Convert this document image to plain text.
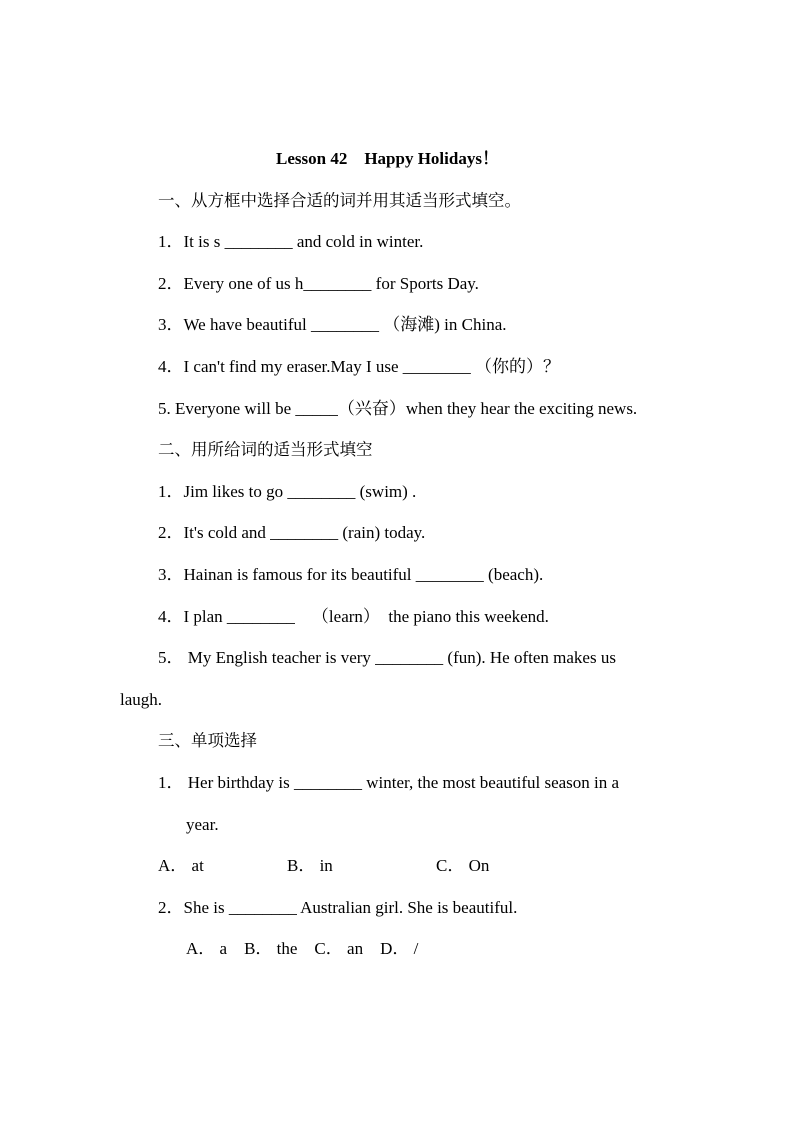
Lesson 42    Happy Holidays！
一、从方框中选择合适的词并用其适当形式填空。
1．It is s ________ and cold in winter.
2．Every one of us h________ for Sports Day.
3．We have beautiful ________ （海滩) in China.
4．I can't find my eraser.May I use ________ （你的）？
5. Everyone will be _____（兴奋）when they hear the exciting news.
二、用所给词的适当形式填空
1．Jim likes to go ________ (swim) .
2．It's cold and ________ (rain) today.
3．Hainan is famous for its beautiful ________ (beach).
4．I plan ________    （learn）  the piano this weekend.
5． My English teacher is very ________ (fun). He often makes us
laugh.
三、单项选择
1． Her birthday is ________ winter, the most beautiful season in a
year.
A． at	B． in	C． On
2．She is ________ Australian girl. She is beautiful.
A． a    B． the    C． an    D． /
